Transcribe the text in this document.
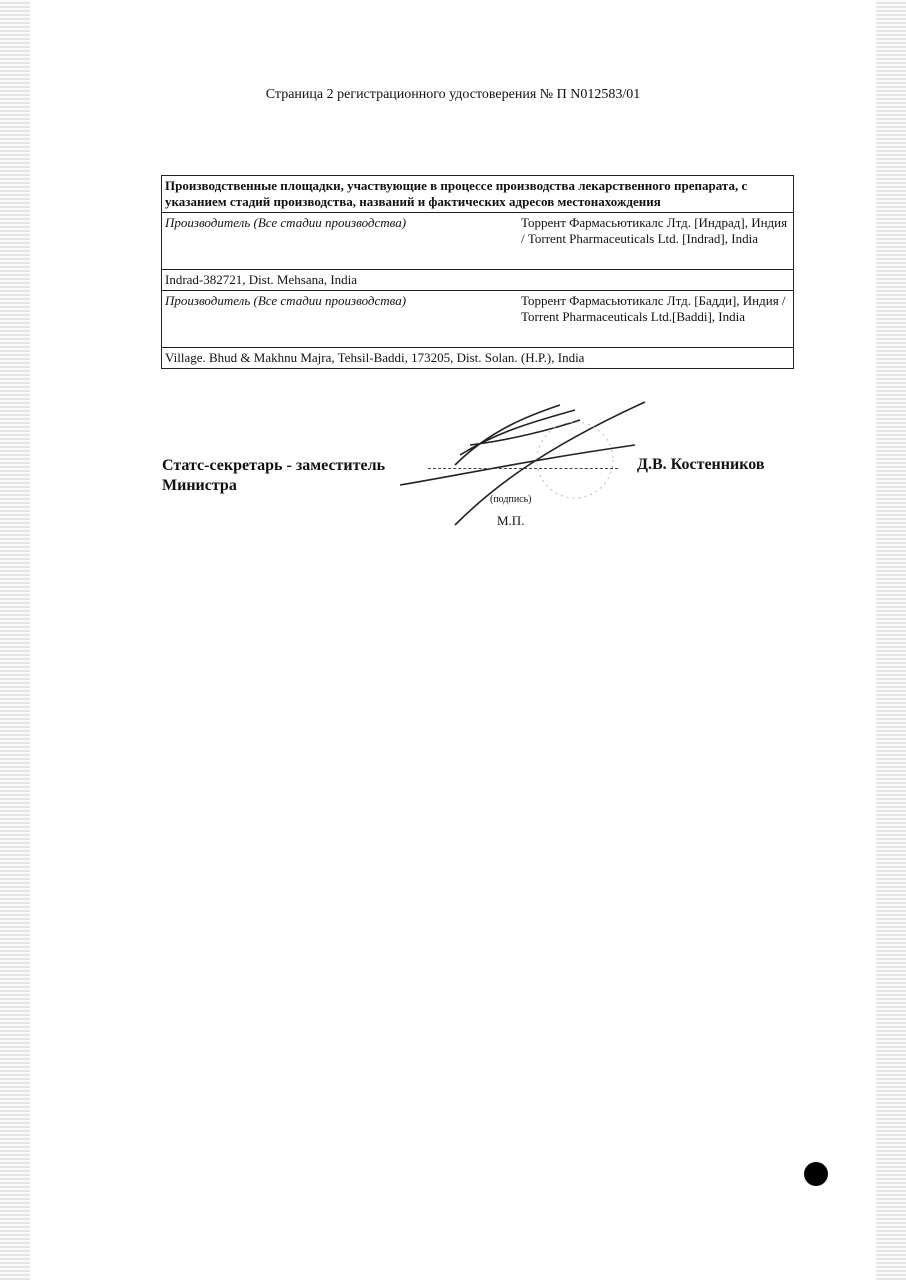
Страница 2 регистрационного удостоверения № П N012583/01
Производственные площадки, участвующие в процессе производства лекарственного препарата, с указанием стадий производства, названий и фактических адресов местонахождения	
Производитель (Все стадии производства)	Торрент Фармасьютикалс Лтд. [Индрад], Индия / Torrent Pharmaceuticals Ltd. [Indrad], India
Indrad-382721, Dist. Mehsana, India	
Производитель (Все стадии производства)	Торрент Фармасьютикалс Лтд. [Бадди], Индия / Torrent Pharmaceuticals Ltd.[Baddi], India
Village. Bhud & Makhnu Majra, Tehsil-Baddi, 173205, Dist. Solan. (H.P.), India	
Статс-секретарь - заместитель
Министра
(подпись)
М.П.
Д.В. Костенников
